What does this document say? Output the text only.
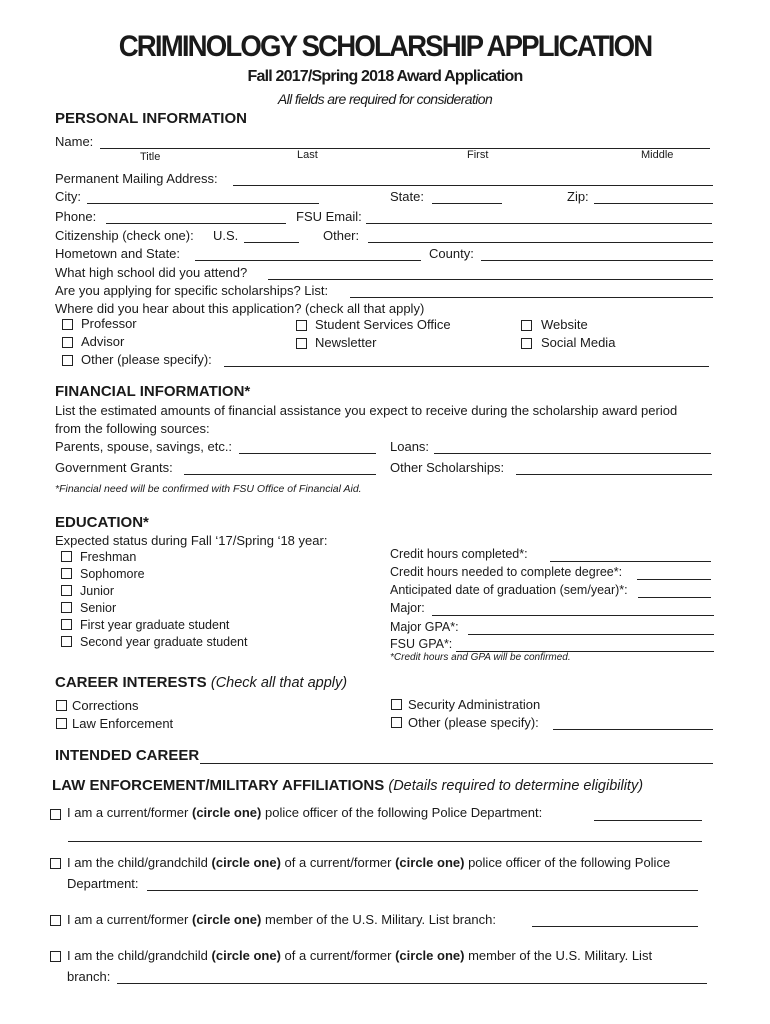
CRIMINOLOGY SCHOLARSHIP APPLICATION
Fall 2017/Spring 2018 Award Application
All fields are required for consideration
PERSONAL INFORMATION
Name:
Title	Last	First	Middle
Permanent Mailing Address:
City:	State:	Zip:
Phone:	FSU Email:
Citizenship (check one): U.S.	Other:
Hometown and State:	County:
What high school did you attend?
Are you applying for specific scholarships? List:
Where did you hear about this application? (check all that apply)
Professor
Advisor
Other (please specify):
Student Services Office
Newsletter
Website
Social Media
FINANCIAL INFORMATION*
List the estimated amounts of financial assistance you expect to receive during the scholarship award period
from the following sources:
Parents, spouse, savings, etc.:	Loans:
Government Grants:	Other Scholarships:
*Financial need will be confirmed with FSU Office of Financial Aid.
EDUCATION*
Expected status during Fall ‘17/Spring ‘18 year:
Freshman
Sophomore
Junior
Senior
First year graduate student
Second year graduate student
Credit hours completed*:
Credit hours needed to complete degree*:
Anticipated date of graduation (sem/year)*:
Major:
Major GPA*:
FSU GPA*:
*Credit hours and GPA will be confirmed.
CAREER INTERESTS (Check all that apply)
Corrections
Law Enforcement
Security Administration
Other (please specify):
INTENDED CAREER
LAW ENFORCEMENT/MILITARY AFFILIATIONS (Details required to determine eligibility)
I am a current/former (circle one) police officer of the following Police Department:
I am the child/grandchild (circle one) of a current/former (circle one) police officer of the following Police
Department:
I am a current/former (circle one) member of the U.S. Military. List branch:
I am the child/grandchild (circle one) of a current/former (circle one) member of the U.S. Military. List
branch:
